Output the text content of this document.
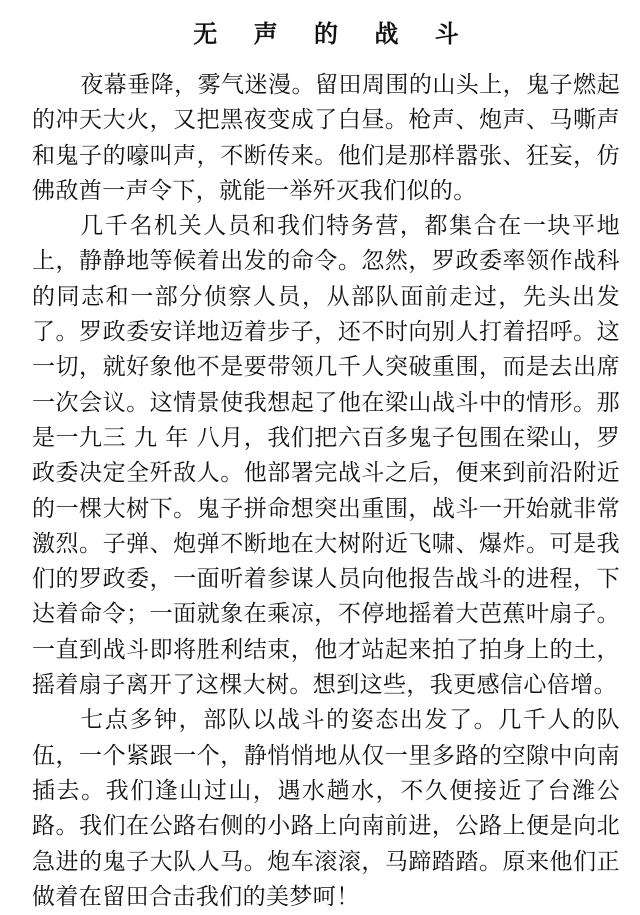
无 声 的 战 斗

夜幕垂降，雾气迷漫。留田周围的山头上，鬼子燃起的冲天大火，又把黑夜变成了白昼。枪声、炮声、马嘶声和鬼子的嚎叫声，不断传来。他们是那样嚣张、狂妄，仿佛敌酋一声令下，就能一举歼灭我们似的。

几千名机关人员和我们特务营，都集合在一块平地上，静静地等候着出发的命令。忽然，罗政委率领作战科的同志和一部分侦察人员，从部队面前走过，先头出发了。罗政委安详地迈着步子，还不时向别人打着招呼。这一切，就好象他不是要带领几千人突破重围，而是去出席一次会议。这情景使我想起了他在梁山战斗中的情形。那是一九三 九 年 八月，我们把六百多鬼子包围在梁山，罗政委决定全歼敌人。他部署完战斗之后，便来到前沿附近的一棵大树下。鬼子拼命想突出重围，战斗一开始就非常激烈。子弹、炮弹不断地在大树附近飞啸、爆炸。可是我们的罗政委，一面听着参谋人员向他报告战斗的进程，下达着命令；一面就象在乘凉，不停地摇着大芭蕉叶扇子。一直到战斗即将胜利结束，他才站起来拍了拍身上的土，摇着扇子离开了这棵大树。想到这些，我更感信心倍增。

七点多钟，部队以战斗的姿态出发了。几千人的队伍，一个紧跟一个，静悄悄地从仅一里多路的空隙中向南插去。我们逢山过山，遇水趟水，不久便接近了台潍公路。我们在公路右侧的小路上向南前进，公路上便是向北急进的鬼子大队人马。炮车滚滚，马蹄踏踏。原来他们正做着在留田合击我们的美梦呵！
